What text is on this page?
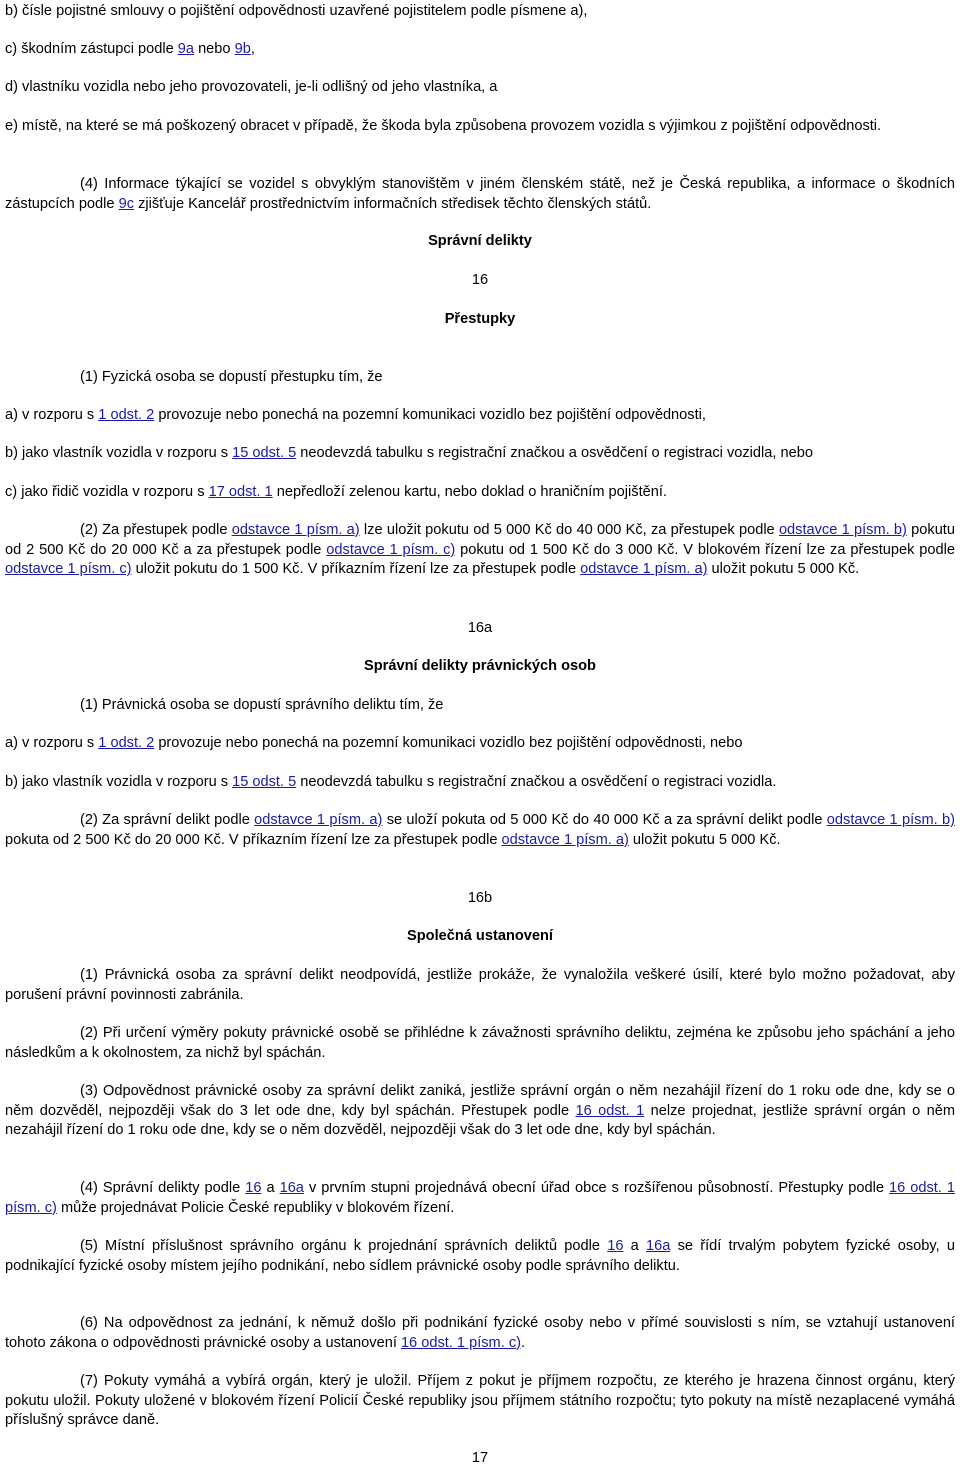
b) čísle pojistné smlouvy o pojištění odpovědnosti uzavřené pojistitelem podle písmene a),

c) škodním zástupci podle 9a nebo 9b,

d) vlastníku vozidla nebo jeho provozovateli, je-li odlišný od jeho vlastníka, a

e) místě, na které se má poškozený obracet v případě, že škoda byla způsobena provozem vozidla s výjimkou z pojištění odpovědnosti.

(4) Informace týkající se vozidel s obvyklým stanovištěm v jiném členském státě, než je Česká republika, a informace o škodních zástupcích podle 9c zjišťuje Kancelář prostřednictvím informačních středisek těchto členských států.

Správní delikty

16

Přestupky

(1) Fyzická osoba se dopustí přestupku tím, že

a) v rozporu s 1 odst. 2 provozuje nebo ponechá na pozemní komunikaci vozidlo bez pojištění odpovědnosti,

b) jako vlastník vozidla v rozporu s 15 odst. 5 neodevzdá tabulku s registrační značkou a osvědčení o registraci vozidla, nebo

c) jako řidič vozidla v rozporu s 17 odst. 1 nepředloží zelenou kartu, nebo doklad o hraničním pojištění.

(2) Za přestupek podle odstavce 1 písm. a) lze uložit pokutu od 5 000 Kč do 40 000 Kč, za přestupek podle odstavce 1 písm. b) pokutu od 2 500 Kč do 20 000 Kč a za přestupek podle odstavce 1 písm. c) pokutu od 1 500 Kč do 3 000 Kč. V blokovém řízení lze za přestupek podle odstavce 1 písm. c) uložit pokutu do 1 500 Kč. V příkazním řízení lze za přestupek podle odstavce 1 písm. a) uložit pokutu 5 000 Kč.

16a

Správní delikty právnických osob

(1) Právnická osoba se dopustí správního deliktu tím, že

a) v rozporu s 1 odst. 2 provozuje nebo ponechá na pozemní komunikaci vozidlo bez pojištění odpovědnosti, nebo

b) jako vlastník vozidla v rozporu s 15 odst. 5 neodevzdá tabulku s registrační značkou a osvědčení o registraci vozidla.

(2) Za správní delikt podle odstavce 1 písm. a) se uloží pokuta od 5 000 Kč do 40 000 Kč a za správní delikt podle odstavce 1 písm. b) pokuta od 2 500 Kč do 20 000 Kč. V příkazním řízení lze za přestupek podle odstavce 1 písm. a) uložit pokutu 5 000 Kč.

16b

Společná ustanovení

(1) Právnická osoba za správní delikt neodpovídá, jestliže prokáže, že vynaložila veškeré úsilí, které bylo možno požadovat, aby porušení právní povinnosti zabránila.

(2) Při určení výměry pokuty právnické osobě se přihlédne k závažnosti správního deliktu, zejména ke způsobu jeho spáchání a jeho následkům a k okolnostem, za nichž byl spáchán.

(3) Odpovědnost právnické osoby za správní delikt zaniká, jestliže správní orgán o něm nezahájil řízení do 1 roku ode dne, kdy se o něm dozvěděl, nejpozději však do 3 let ode dne, kdy byl spáchán. Přestupek podle 16 odst. 1 nelze projednat, jestliže správní orgán o něm nezahájil řízení do 1 roku ode dne, kdy se o něm dozvěděl, nejpozději však do 3 let ode dne, kdy byl spáchán.

(4) Správní delikty podle 16 a 16a v prvním stupni projednává obecní úřad obce s rozšířenou působností. Přestupky podle 16 odst. 1 písm. c) může projednávat Policie České republiky v blokovém řízení.

(5) Místní příslušnost správního orgánu k projednání správních deliktů podle 16 a 16a se řídí trvalým pobytem fyzické osoby, u podnikající fyzické osoby místem jejího podnikání, nebo sídlem právnické osoby podle správního deliktu.

(6) Na odpovědnost za jednání, k němuž došlo při podnikání fyzické osoby nebo v přímé souvislosti s ním, se vztahují ustanovení tohoto zákona o odpovědnosti právnické osoby a ustanovení 16 odst. 1 písm. c).

(7) Pokuty vymáhá a vybírá orgán, který je uložil. Příjem z pokut je příjmem rozpočtu, ze kterého je hrazena činnost orgánu, který pokutu uložil. Pokuty uložené v blokovém řízení Policií České republiky jsou příjmem státního rozpočtu; tyto pokuty na místě nezaplacené vymáhá příslušný správce daně.

17
